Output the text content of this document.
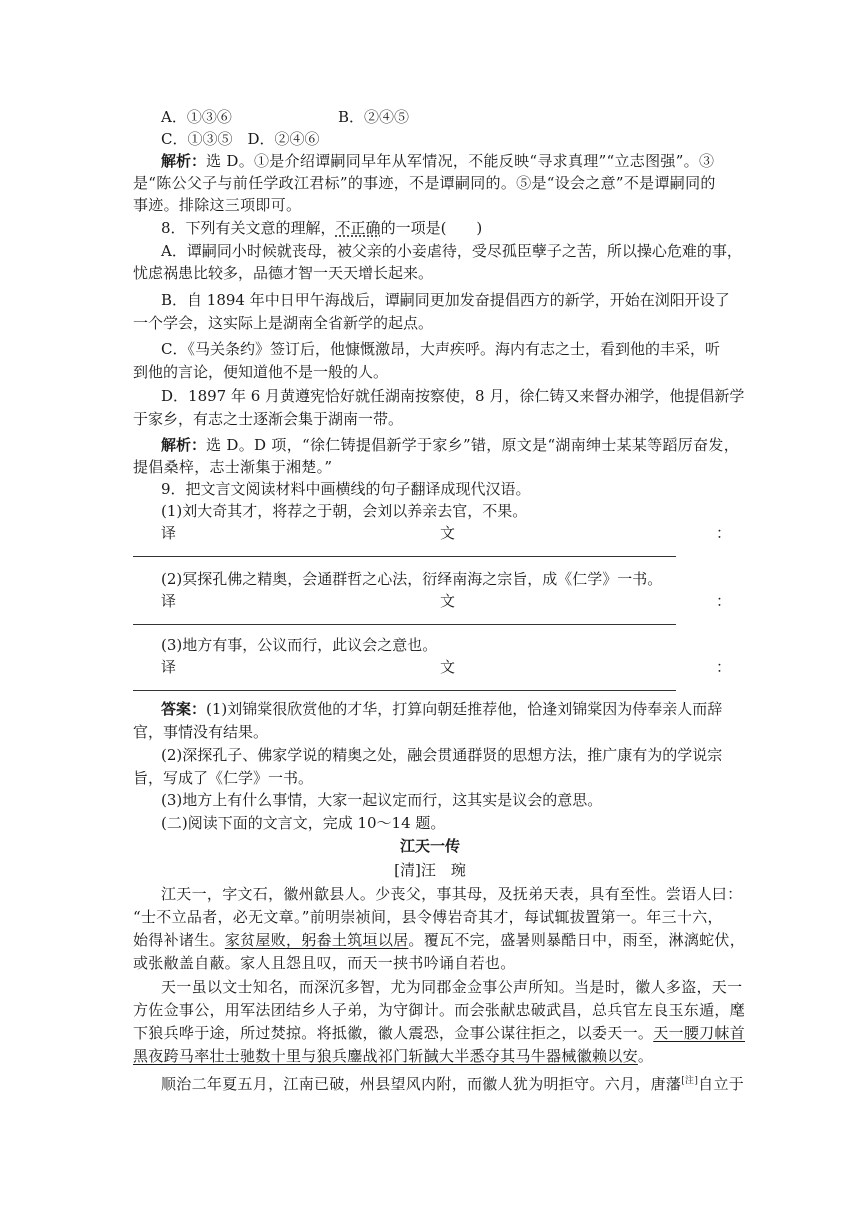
A．①③⑥	B．②④⑤
C．①③⑤　D．②④⑥
解析：选 D。①是介绍谭嗣同早年从军情况，不能反映“寻求真理”“立志图强”。③
是“陈公父子与前任学政江君标”的事迹，不是谭嗣同的。⑤是“设会之意”不是谭嗣同的
事迹。排除这三项即可。
8．下列有关文意的理解，不正确的一项是(　　)
A．谭嗣同小时候就丧母，被父亲的小妾虐待，受尽孤臣孽子之苦，所以操心危难的事，
忧虑祸患比较多，品德才智一天天增长起来。
B．自 1894 年中日甲午海战后，谭嗣同更加发奋提倡西方的新学，开始在浏阳开设了
一个学会，这实际上是湖南全省新学的起点。
C．《马关条约》签订后，他慷慨激昂，大声疾呼。海内有志之士，看到他的丰采，听
到他的言论，便知道他不是一般的人。
D．1897 年 6 月黄遵宪恰好就任湖南按察使，8 月，徐仁铸又来督办湘学，他提倡新学
于家乡，有志之士逐渐会集于湖南一带。
解析：选 D。D 项，“徐仁铸提倡新学于家乡”错，原文是“湖南绅士某某等蹈厉奋发，
提倡桑梓，志士渐集于湘楚。”
9．把文言文阅读材料中画横线的句子翻译成现代汉语。
(1)刘大奇其才，将荐之于朝，会刘以养亲去官，不果。
译	文	：
(2)冥探孔佛之精奥，会通群哲之心法，衍绎南海之宗旨，成《仁学》一书。
译	文	：
(3)地方有事，公议而行，此议会之意也。
译	文	：
答案：(1)刘锦棠很欣赏他的才华，打算向朝廷推荐他，恰逢刘锦棠因为侍奉亲人而辞
官，事情没有结果。
(2)深探孔子、佛家学说的精奥之处，融会贯通群贤的思想方法，推广康有为的学说宗
旨，写成了《仁学》一书。
(3)地方上有什么事情，大家一起议定而行，这其实是议会的意思。
(二)阅读下面的文言文，完成 10～14 题。
江天一传
[清]汪　琬
江天一，字文石，徽州歙县人。少丧父，事其母，及抚弟天表，具有至性。尝语人曰：
“士不立品者，必无文章。”前明崇祯间，县令傅岩奇其才，每试辄拔置第一。年三十六，
始得补诸生。家贫屋败，躬畚土筑垣以居。覆瓦不完，盛暑则暴酷日中，雨至，淋漓蛇伏，
或张敝盖自蔽。家人且怨且叹，而天一挟书吟诵自若也。
天一虽以文士知名，而深沉多智，尤为同郡金佥事公声所知。当是时，徽人多盗，天一
方佐佥事公，用军法团结乡人子弟，为守御计。而会张献忠破武昌，总兵官左良玉东遁，麾
下狼兵哗于途，所过焚掠。将抵徽，徽人震恐，佥事公谋往拒之，以委天一。天一腰刀帓首
黑夜跨马率壮士驰数十里与狼兵鏖战祁门斩馘大半悉夺其马牛器械徽赖以安。
顺治二年夏五月，江南已破，州县望风内附，而徽人犹为明拒守。六月，唐藩[注]自立于
